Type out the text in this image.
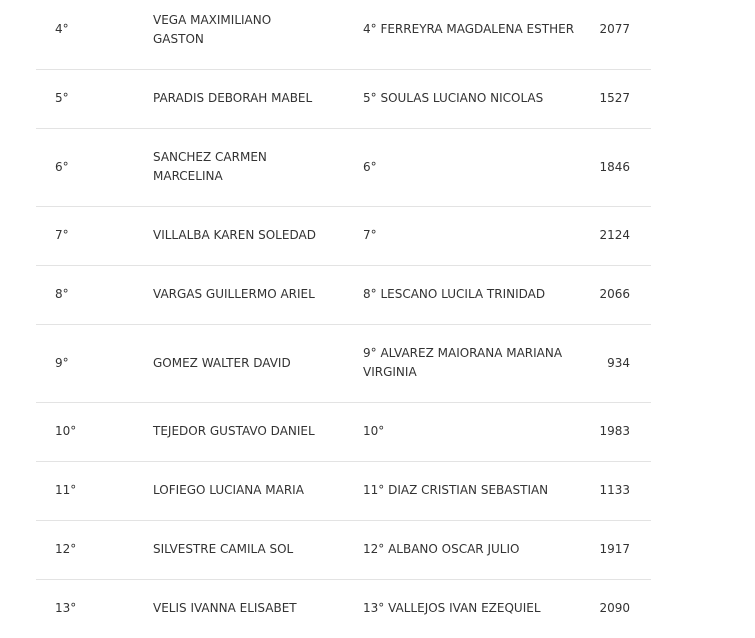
4°	VEGA MAXIMILIANO GASTON	4° FERREYRA MAGDALENA ESTHER	2077
5°	PARADIS DEBORAH MABEL	5° SOULAS LUCIANO NICOLAS	1527
6°	SANCHEZ CARMEN MARCELINA	6°	1846
7°	VILLALBA KAREN SOLEDAD	7°	2124
8°	VARGAS GUILLERMO ARIEL	8° LESCANO LUCILA TRINIDAD	2066
9°	GOMEZ WALTER DAVID	9° ALVAREZ MAIORANA MARIANA VIRGINIA	934
10°	TEJEDOR GUSTAVO DANIEL	10°	1983
11°	LOFIEGO LUCIANA MARIA	11° DIAZ CRISTIAN SEBASTIAN	1133
12°	SILVESTRE CAMILA SOL	12° ALBANO OSCAR JULIO	1917
13°	VELIS IVANNA ELISABET	13° VALLEJOS IVAN EZEQUIEL	2090
